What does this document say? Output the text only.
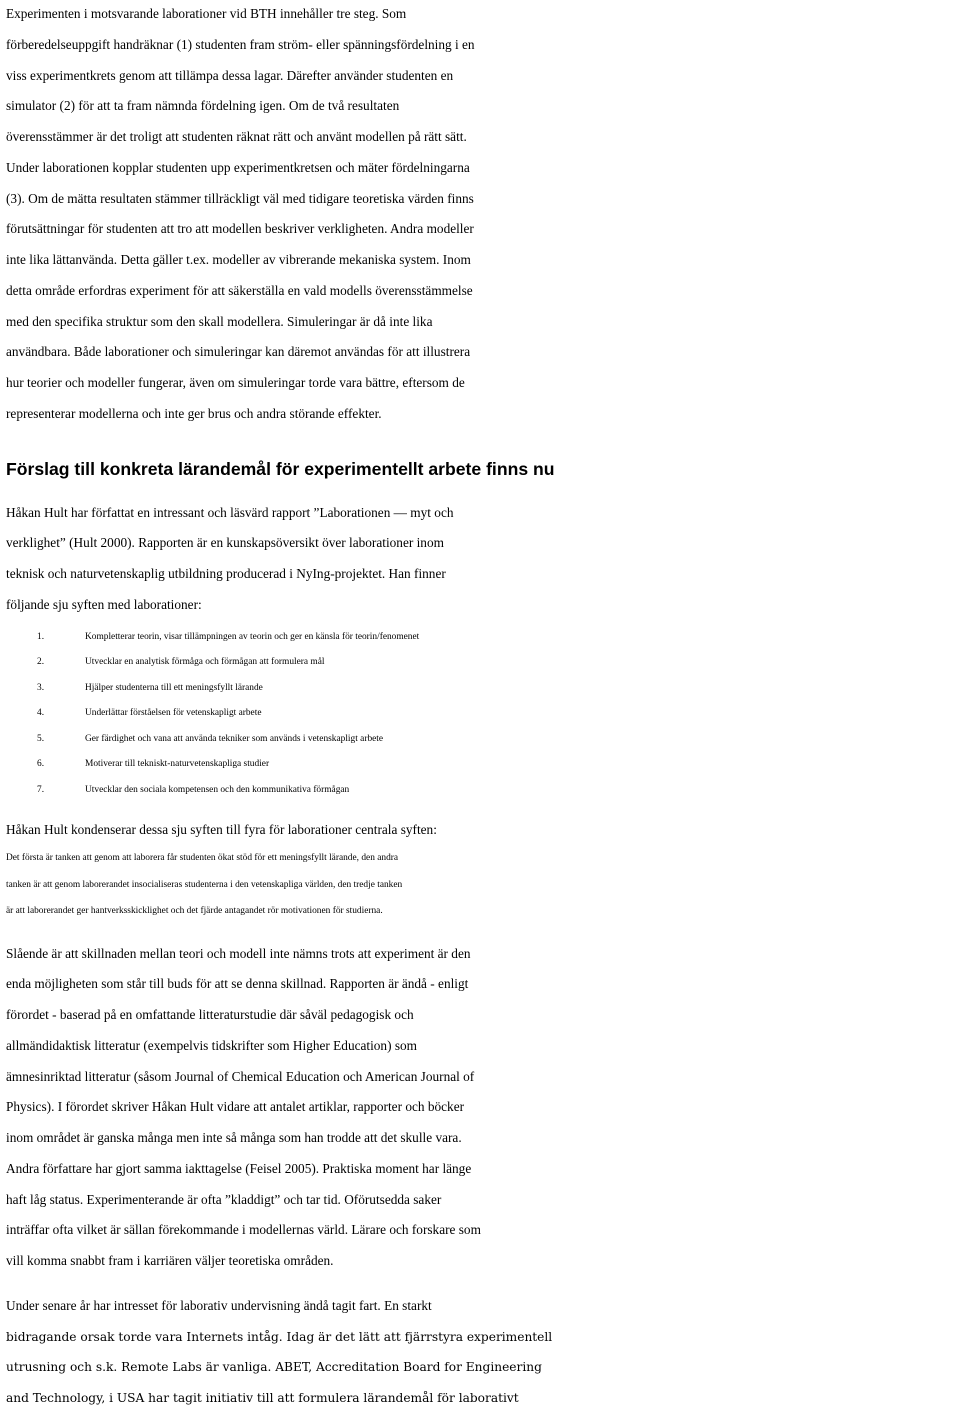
Experimenten i motsvarande laborationer vid BTH innehåller tre steg. Som
förberedelseuppgift handräknar (1) studenten fram ström- eller spänningsfördelning i en
viss experimentkrets genom att tillämpa dessa lagar. Därefter använder studenten en
simulator (2) för att ta fram nämnda fördelning igen. Om de två resultaten
överensstämmer är det troligt att studenten räknat rätt och använt modellen på rätt sätt.
Under laborationen kopplar studenten upp experimentkretsen och mäter fördelningarna
(3). Om de mätta resultaten stämmer tillräckligt väl med tidigare teoretiska värden finns
förutsättningar för studenten att tro att modellen beskriver verkligheten. Andra modeller
inte lika lättanvända. Detta gäller t.ex. modeller av vibrerande mekaniska system. Inom
detta område erfordras experiment för att säkerställa en vald modells överensstämmelse
med den specifika struktur som den skall modellera. Simuleringar är då inte lika
användbara. Både laborationer och simuleringar kan däremot användas för att illustrera
hur teorier och modeller fungerar, även om simuleringar torde vara bättre, eftersom de
representerar modellerna och inte ger brus och andra störande effekter.

Förslag till konkreta lärandemål för experimentellt arbete finns nu

Håkan Hult har författat en intressant och läsvärd rapport ”Laborationen — myt och
verklighet” (Hult 2000). Rapporten är en kunskapsöversikt över laborationer inom
teknisk och naturvetenskaplig utbildning producerad i NyIng-projektet. Han finner
följande sju syften med laborationer:

1.	Kompletterar teorin, visar tillämpningen av teorin och ger en känsla för teorin/fenomenet
2.	Utvecklar en analytisk förmåga och förmågan att formulera mål
3.	Hjälper studenterna till ett meningsfyllt lärande
4.	Underlättar förståelsen för vetenskapligt arbete
5.	Ger färdighet och vana att använda tekniker som används i vetenskapligt arbete
6.	Motiverar till tekniskt-naturvetenskapliga studier
7.	Utvecklar den sociala kompetensen och den kommunikativa förmågan

Håkan Hult kondenserar dessa sju syften till fyra för laborationer centrala syften:

Det första är tanken att genom att laborera får studenten ökat stöd för ett meningsfyllt lärande, den andra
tanken är att genom laborerandet insocialiseras studenterna i den vetenskapliga världen, den tredje tanken
är att laborerandet ger hantverksskicklighet och det fjärde antagandet rör motivationen för studierna.

Slående är att skillnaden mellan teori och modell inte nämns trots att experiment är den
enda möjligheten som står till buds för att se denna skillnad. Rapporten är ändå - enligt
förordet - baserad på en omfattande litteraturstudie där såväl pedagogisk och
allmändidaktisk litteratur (exempelvis tidskrifter som Higher Education) som
ämnesinriktad litteratur (såsom Journal of Chemical Education och American Journal of
Physics). I förordet skriver Håkan Hult vidare att antalet artiklar, rapporter och böcker
inom området är ganska många men inte så många som han trodde att det skulle vara.
Andra författare har gjort samma iakttagelse (Feisel 2005). Praktiska moment har länge
haft låg status. Experimenterande är ofta ”kladdigt” och tar tid. Oförutsedda saker
inträffar ofta vilket är sällan förekommande i modellernas värld. Lärare och forskare som
vill komma snabbt fram i karriären väljer teoretiska områden.

Under senare år har intresset för laborativ undervisning ändå tagit fart. En starkt
bidragande orsak torde vara Internets intåg. Idag är det lätt att fjärrstyra experimentell
utrusning och s.k. Remote Labs är vanliga. ABET, Accreditation Board for Engineering
and Technology, i USA har tagit initiativ till att formulera lärandemål för laborativt
